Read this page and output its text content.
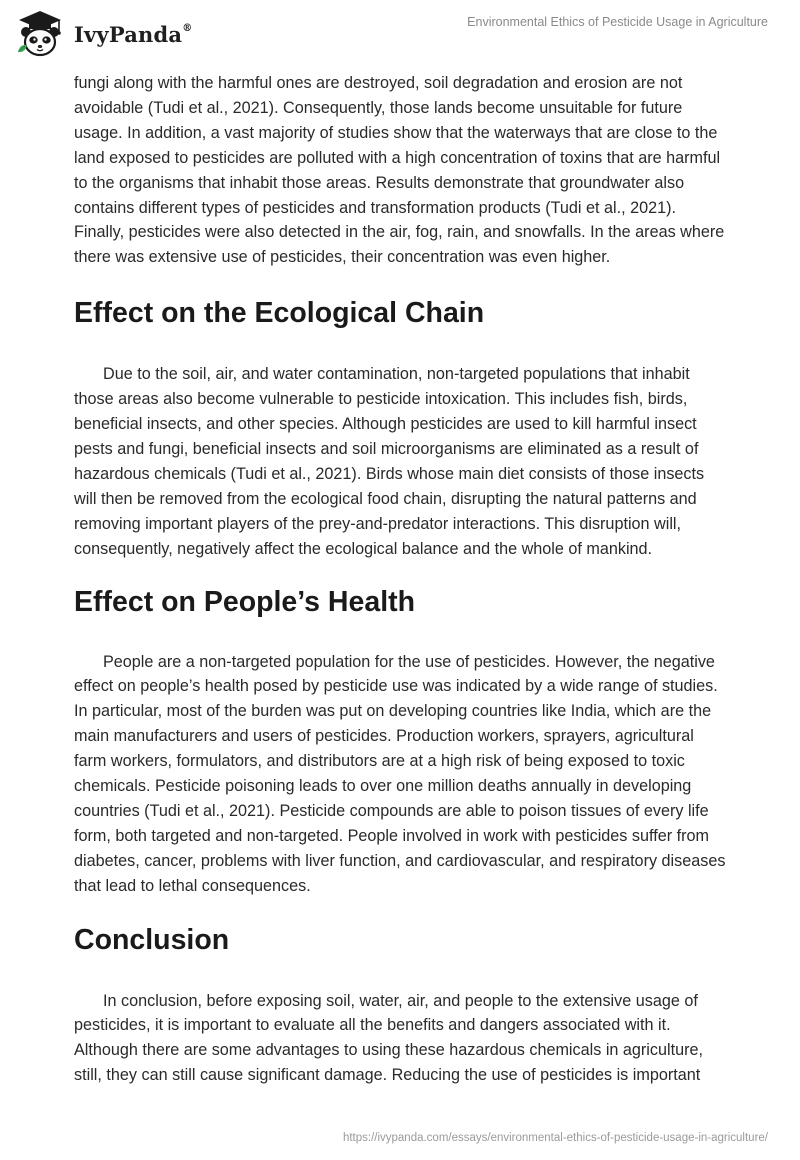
IvyPanda®	Environmental Ethics of Pesticide Usage in Agriculture

fungi along with the harmful ones are destroyed, soil degradation and erosion are not avoidable (Tudi et al., 2021). Consequently, those lands become unsuitable for future usage. In addition, a vast majority of studies show that the waterways that are close to the land exposed to pesticides are polluted with a high concentration of toxins that are harmful to the organisms that inhabit those areas. Results demonstrate that groundwater also contains different types of pesticides and transformation products (Tudi et al., 2021). Finally, pesticides were also detected in the air, fog, rain, and snowfalls. In the areas where there was extensive use of pesticides, their concentration was even higher.

Effect on the Ecological Chain

Due to the soil, air, and water contamination, non-targeted populations that inhabit those areas also become vulnerable to pesticide intoxication. This includes fish, birds, beneficial insects, and other species. Although pesticides are used to kill harmful insect pests and fungi, beneficial insects and soil microorganisms are eliminated as a result of hazardous chemicals (Tudi et al., 2021). Birds whose main diet consists of those insects will then be removed from the ecological food chain, disrupting the natural patterns and removing important players of the prey-and-predator interactions. This disruption will, consequently, negatively affect the ecological balance and the whole of mankind.

Effect on People’s Health

People are a non-targeted population for the use of pesticides. However, the negative effect on people’s health posed by pesticide use was indicated by a wide range of studies. In particular, most of the burden was put on developing countries like India, which are the main manufacturers and users of pesticides. Production workers, sprayers, agricultural farm workers, formulators, and distributors are at a high risk of being exposed to toxic chemicals. Pesticide poisoning leads to over one million deaths annually in developing countries (Tudi et al., 2021). Pesticide compounds are able to poison tissues of every life form, both targeted and non-targeted. People involved in work with pesticides suffer from diabetes, cancer, problems with liver function, and cardiovascular, and respiratory diseases that lead to lethal consequences.

Conclusion

In conclusion, before exposing soil, water, air, and people to the extensive usage of pesticides, it is important to evaluate all the benefits and dangers associated with it. Although there are some advantages to using these hazardous chemicals in agriculture, still, they can still cause significant damage. Reducing the use of pesticides is important

https://ivypanda.com/essays/environmental-ethics-of-pesticide-usage-in-agriculture/
